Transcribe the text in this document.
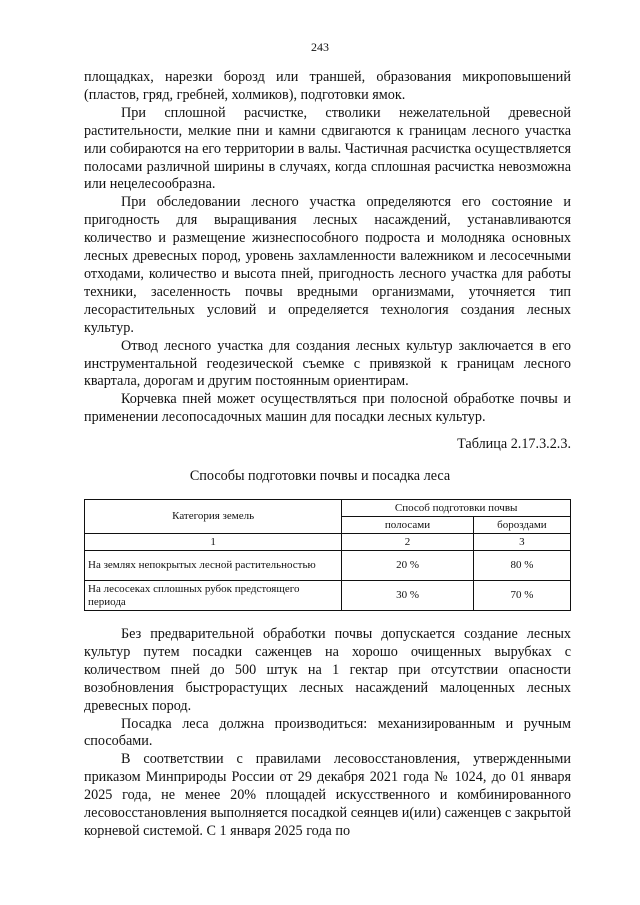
243

площадках, нарезки борозд или траншей, образования микроповышений (пластов, гряд, гребней, холмиков), подготовки ямок.

При сплошной расчистке, стволики нежелательной древесной растительности, мелкие пни и камни сдвигаются к границам лесного участка или собираются на его территории в валы. Частичная расчистка осуществляется полосами различной ширины в случаях, когда сплошная расчистка невозможна или нецелесообразна.

При обследовании лесного участка определяются его состояние и пригодность для выращивания лесных насаждений, устанавливаются количество и размещение жизнеспособного подроста и молодняка основных лесных древесных пород, уровень захламленности валежником и лесосечными отходами, количество и высота пней, пригодность лесного участка для работы техники, заселенность почвы вредными организмами, уточняется тип лесорастительных условий и определяется технология создания лесных культур.

Отвод лесного участка для создания лесных культур заключается в его инструментальной геодезической съемке с привязкой к границам лесного квартала, дорогам и другим постоянным ориентирам.

Корчевка пней может осуществляться при полосной обработке почвы и применении лесопосадочных машин для посадки лесных культур.

Таблица 2.17.3.2.3.
Способы подготовки почвы и посадка леса
Категория земель	Способ подготовки почвы	
	полосами	бороздами
1	2	3
На землях непокрытых лесной растительностью	20 %	80 %
На лесосеках сплошных рубок предстоящего периода	30 %	70 %

Без предварительной обработки почвы допускается создание лесных культур путем посадки саженцев на хорошо очищенных вырубках с количеством пней до 500 штук на 1 гектар при отсутствии опасности возобновления быстрорастущих лесных насаждений малоценных лесных древесных пород.

Посадка леса должна производиться: механизированным и ручным способами.

В соответствии с правилами лесовосстановления, утвержденными приказом Минприроды России от 29 декабря 2021 года № 1024, до 01 января 2025 года, не менее 20% площадей искусственного и комбинированного лесовосстановления выполняется посадкой сеянцев и(или) саженцев с закрытой корневой системой. С 1 января 2025 года по
